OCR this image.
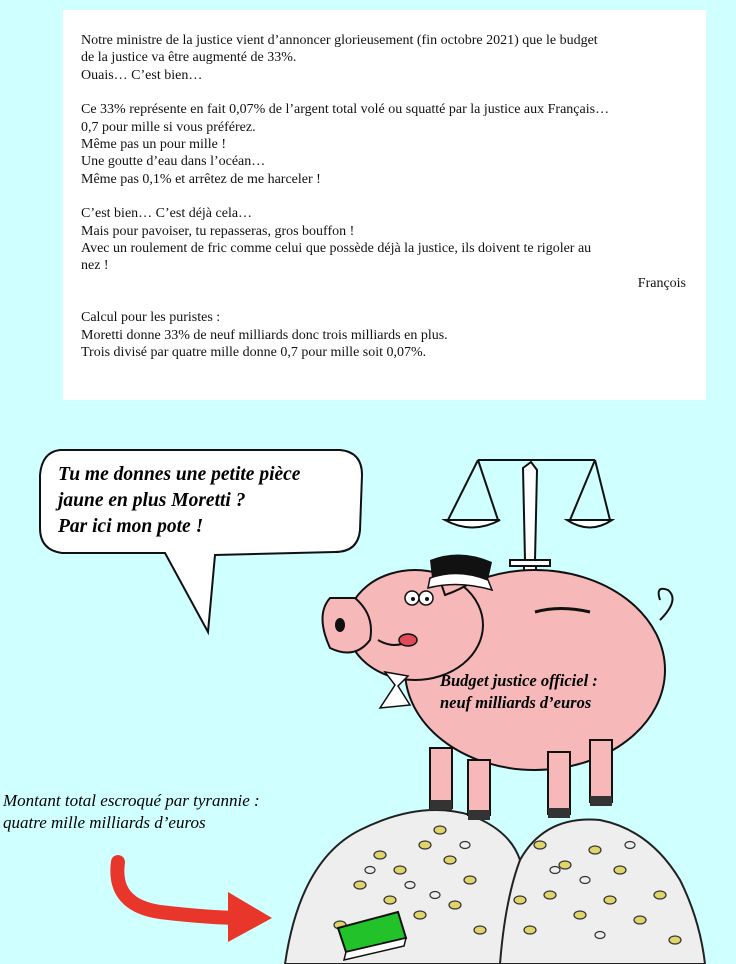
Notre ministre de la justice vient d’annoncer glorieusement (fin octobre 2021) que le budget

de la justice va être augmenté de 33%.

Ouais… C’est bien…

Ce 33% représente en fait 0,07% de l’argent total volé ou squatté par la justice aux Français…

0,7 pour mille si vous préférez.

Même pas un pour mille !

Une goutte d’eau dans l’océan…

Même pas 0,1% et arrêtez de me harceler !

C’est bien… C’est déjà cela…

Mais pour pavoiser, tu repasseras, gros bouffon !

Avec un roulement de fric comme celui que possède déjà la justice, ils doivent te rigoler au

nez !

François

Calcul pour les puristes :

Moretti donne 33% de neuf milliards donc trois milliards en plus.

Trois divisé par quatre mille donne 0,7 pour mille soit 0,07%.

Tu me donnes une petite pièce
jaune en plus Moretti ?
Par ici mon pote !
Budget justice officiel :
neuf milliards d’euros
Montant total escroqué par tyrannie :
quatre mille milliards d’euros
